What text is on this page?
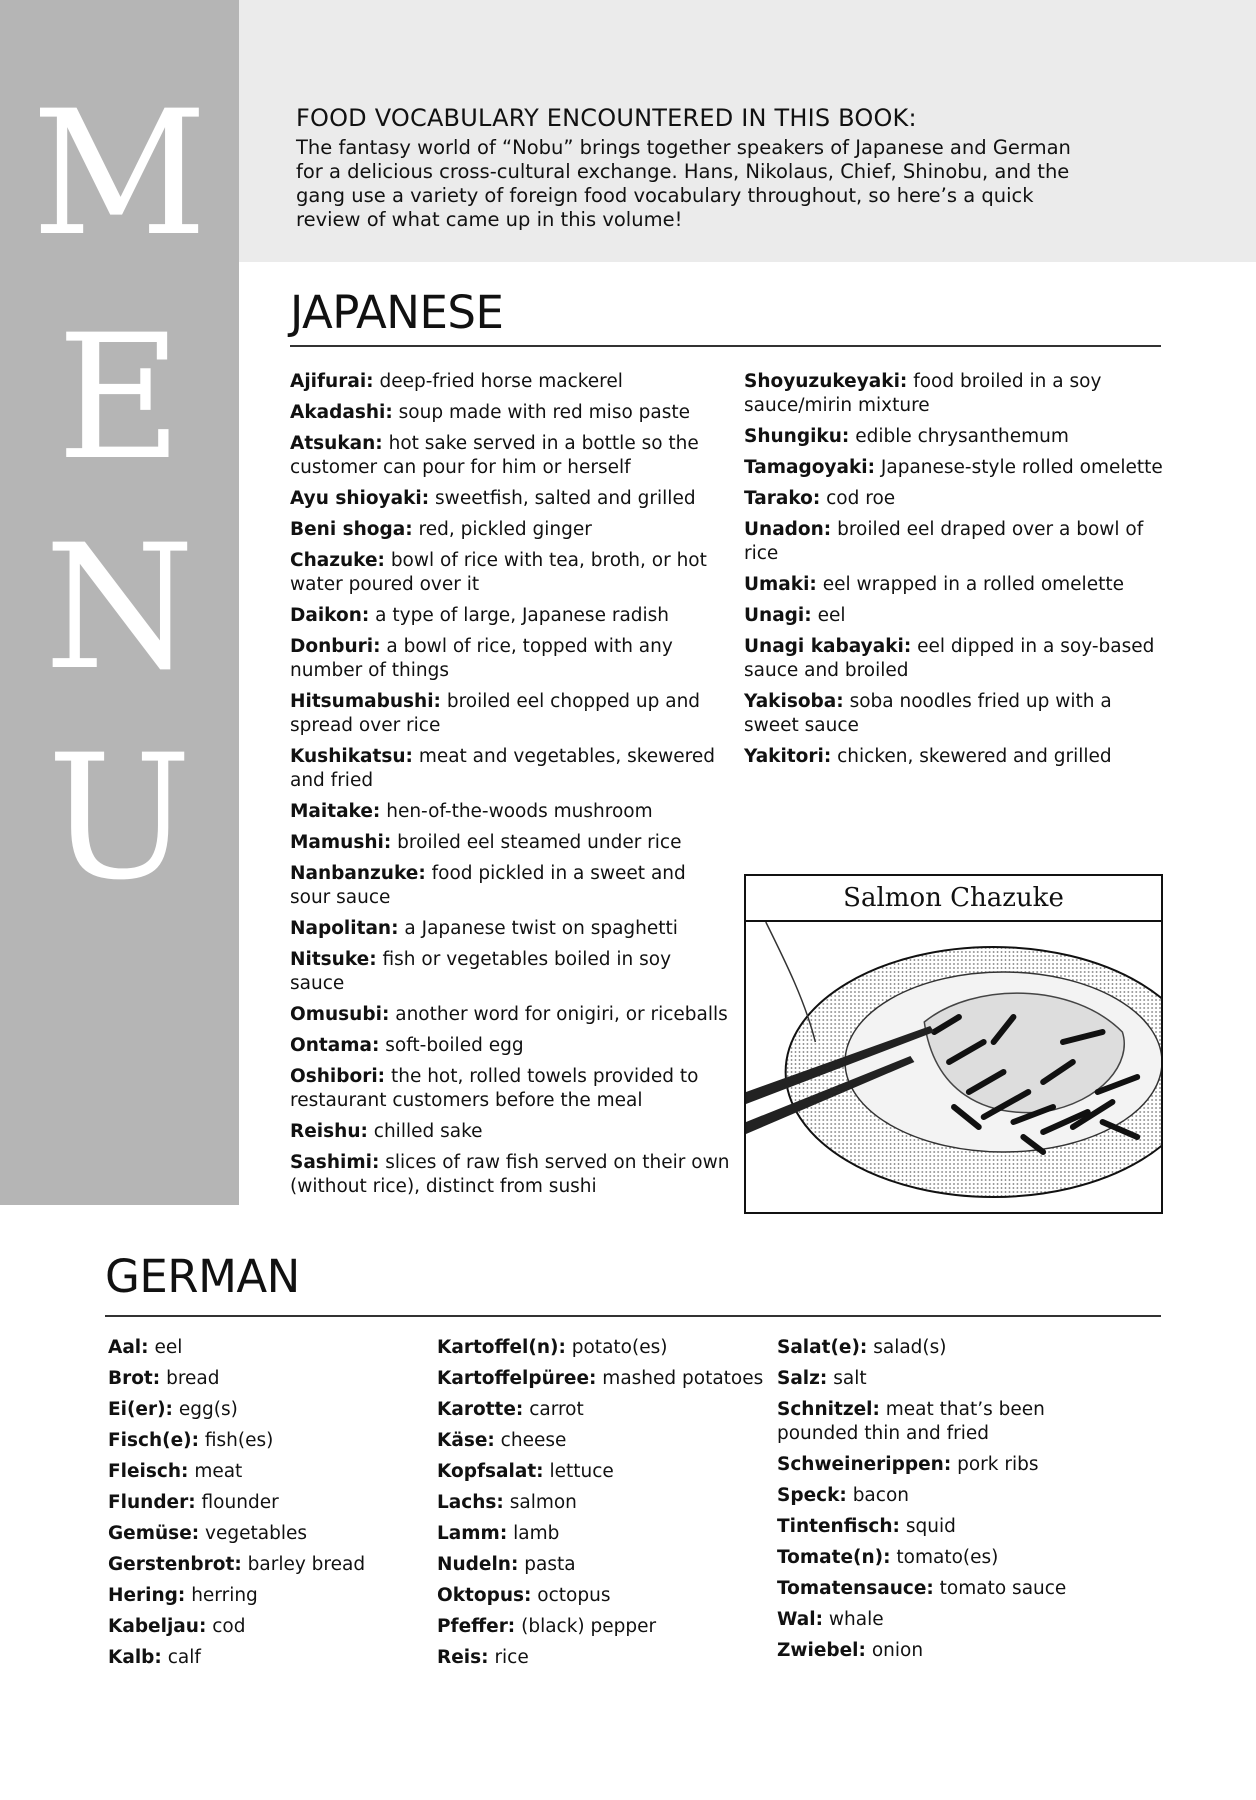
M
E
N
U
FOOD VOCABULARY ENCOUNTERED IN THIS BOOK:
The fantasy world of “Nobu” brings together speakers of Japanese and German for a delicious cross-cultural exchange. Hans, Nikolaus, Chief, Shinobu, and the gang use a variety of foreign food vocabulary throughout, so here’s a quick review of what came up in this volume!
JAPANESE
Ajifurai: deep-fried horse mackerel
Akadashi: soup made with red miso paste
Atsukan: hot sake served in a bottle so the customer can pour for him or herself
Ayu shioyaki: sweetfish, salted and grilled
Beni shoga: red, pickled ginger
Chazuke: bowl of rice with tea, broth, or hot water poured over it
Daikon: a type of large, Japanese radish
Donburi: a bowl of rice, topped with any number of things
Hitsumabushi: broiled eel chopped up and spread over rice
Kushikatsu: meat and vegetables, skewered and fried
Maitake: hen-of-the-woods mushroom
Mamushi: broiled eel steamed under rice
Nanbanzuke: food pickled in a sweet and sour sauce
Napolitan: a Japanese twist on spaghetti
Nitsuke: fish or vegetables boiled in soy sauce
Omusubi: another word for onigiri, or riceballs
Ontama: soft-boiled egg
Oshibori: the hot, rolled towels provided to restaurant customers before the meal
Reishu: chilled sake
Sashimi: slices of raw fish served on their own (without rice), distinct from sushi
Shoyuzukeyaki: food broiled in a soy sauce/mirin mixture
Shungiku: edible chrysanthemum
Tamagoyaki: Japanese-style rolled omelette
Tarako: cod roe
Unadon: broiled eel draped over a bowl of rice
Umaki: eel wrapped in a rolled omelette
Unagi: eel
Unagi kabayaki: eel dipped in a soy-based sauce and broiled
Yakisoba: soba noodles fried up with a sweet sauce
Yakitori: chicken, skewered and grilled
Salmon Chazuke
GERMAN
Aal: eel
Brot: bread
Ei(er): egg(s)
Fisch(e): fish(es)
Fleisch: meat
Flunder: flounder
Gemüse: vegetables
Gerstenbrot: barley bread
Hering: herring
Kabeljau: cod
Kalb: calf
Kartoffel(n): potato(es)
Kartoffelpüree: mashed potatoes
Karotte: carrot
Käse: cheese
Kopfsalat: lettuce
Lachs: salmon
Lamm: lamb
Nudeln: pasta
Oktopus: octopus
Pfeffer: (black) pepper
Reis: rice
Salat(e): salad(s)
Salz: salt
Schnitzel: meat that’s been pounded thin and fried
Schweinerippen: pork ribs
Speck: bacon
Tintenfisch: squid
Tomate(n): tomato(es)
Tomatensauce: tomato sauce
Wal: whale
Zwiebel: onion
